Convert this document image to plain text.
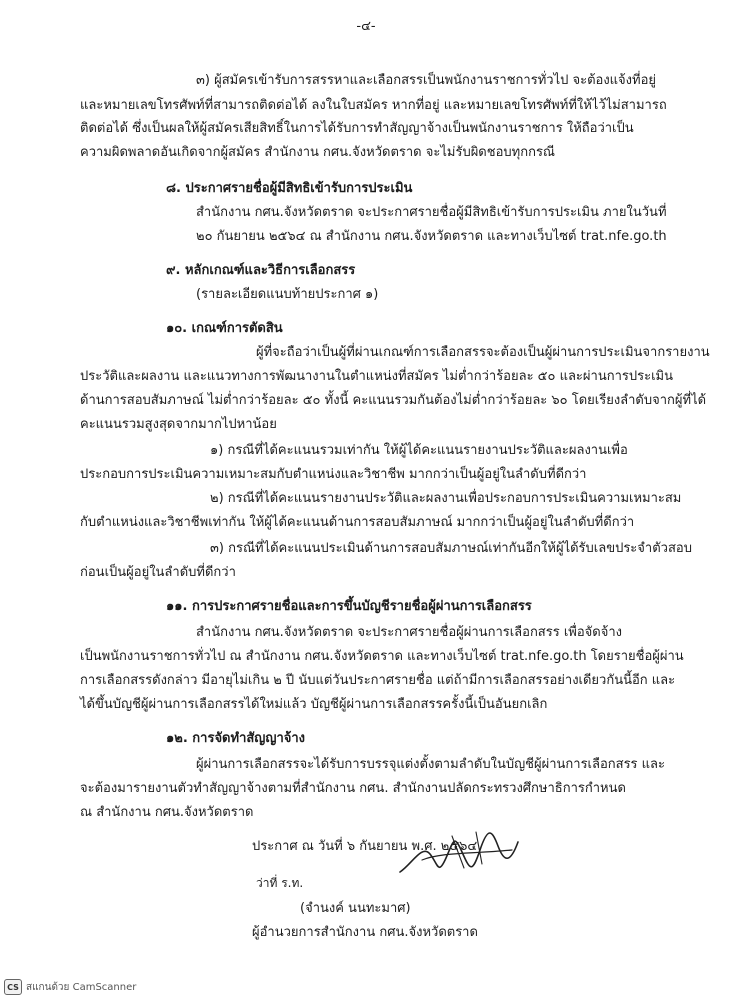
-๔-
๓) ผู้สมัครเข้ารับการสรรหาและเลือกสรรเป็นพนักงานราชการทั่วไป จะต้องแจ้งที่อยู่
และหมายเลขโทรศัพท์ที่สามารถติดต่อได้ ลงในใบสมัคร หากที่อยู่ และหมายเลขโทรศัพท์ที่ให้ไว้ไม่สามารถ
ติดต่อได้ ซึ่งเป็นผลให้ผู้สมัครเสียสิทธิ์ในการได้รับการทำสัญญาจ้างเป็นพนักงานราชการ ให้ถือว่าเป็น
ความผิดพลาดอันเกิดจากผู้สมัคร สำนักงาน กศน.จังหวัดตราด จะไม่รับผิดชอบทุกกรณี
๘. ประกาศรายชื่อผู้มีสิทธิเข้ารับการประเมิน
สำนักงาน กศน.จังหวัดตราด จะประกาศรายชื่อผู้มีสิทธิเข้ารับการประเมิน ภายในวันที่
๒๐ กันยายน ๒๕๖๔ ณ สำนักงาน กศน.จังหวัดตราด และทางเว็บไซต์ trat.nfe.go.th
๙. หลักเกณฑ์และวิธีการเลือกสรร
(รายละเอียดแนบท้ายประกาศ ๑)
๑๐. เกณฑ์การตัดสิน
ผู้ที่จะถือว่าเป็นผู้ที่ผ่านเกณฑ์การเลือกสรรจะต้องเป็นผู้ผ่านการประเมินจากรายงาน
ประวัติและผลงาน และแนวทางการพัฒนางานในตำแหน่งที่สมัคร ไม่ต่ำกว่าร้อยละ ๕๐ และผ่านการประเมิน
ด้านการสอบสัมภาษณ์ ไม่ต่ำกว่าร้อยละ ๕๐ ทั้งนี้ คะแนนรวมกันต้องไม่ต่ำกว่าร้อยละ ๖๐ โดยเรียงลำดับจากผู้ที่ได้
คะแนนรวมสูงสุดจากมากไปหาน้อย
๑) กรณีที่ได้คะแนนรวมเท่ากัน ให้ผู้ได้คะแนนรายงานประวัติและผลงานเพื่อ
ประกอบการประเมินความเหมาะสมกับตำแหน่งและวิชาชีพ มากกว่าเป็นผู้อยู่ในลำดับที่ดีกว่า
๒) กรณีที่ได้คะแนนรายงานประวัติและผลงานเพื่อประกอบการประเมินความเหมาะสม
กับตำแหน่งและวิชาชีพเท่ากัน ให้ผู้ได้คะแนนด้านการสอบสัมภาษณ์ มากกว่าเป็นผู้อยู่ในลำดับที่ดีกว่า
๓) กรณีที่ได้คะแนนประเมินด้านการสอบสัมภาษณ์เท่ากันอีกให้ผู้ได้รับเลขประจำตัวสอบ
ก่อนเป็นผู้อยู่ในลำดับที่ดีกว่า
๑๑. การประกาศรายชื่อและการขึ้นบัญชีรายชื่อผู้ผ่านการเลือกสรร
สำนักงาน กศน.จังหวัดตราด จะประกาศรายชื่อผู้ผ่านการเลือกสรร เพื่อจัดจ้าง
เป็นพนักงานราชการทั่วไป ณ สำนักงาน กศน.จังหวัดตราด และทางเว็บไซต์ trat.nfe.go.th โดยรายชื่อผู้ผ่าน
การเลือกสรรดังกล่าว มีอายุไม่เกิน ๒ ปี นับแต่วันประกาศรายชื่อ แต่ถ้ามีการเลือกสรรอย่างเดียวกันนี้อีก และ
ได้ขึ้นบัญชีผู้ผ่านการเลือกสรรได้ใหม่แล้ว บัญชีผู้ผ่านการเลือกสรรครั้งนี้เป็นอันยกเลิก
๑๒. การจัดทำสัญญาจ้าง
ผู้ผ่านการเลือกสรรจะได้รับการบรรจุแต่งตั้งตามลำดับในบัญชีผู้ผ่านการเลือกสรร และ
จะต้องมารายงานตัวทำสัญญาจ้างตามที่สำนักงาน กศน. สำนักงานปลัดกระทรวงศึกษาธิการกำหนด
ณ สำนักงาน กศน.จังหวัดตราด
ประกาศ ณ วันที่ ๖ กันยายน พ.ศ. ๒๕๖๔
ว่าที่ ร.ท.
(จำนงค์ นนทะมาศ)
ผู้อำนวยการสำนักงาน กศน.จังหวัดตราด
CS สแกนด้วย CamScanner
